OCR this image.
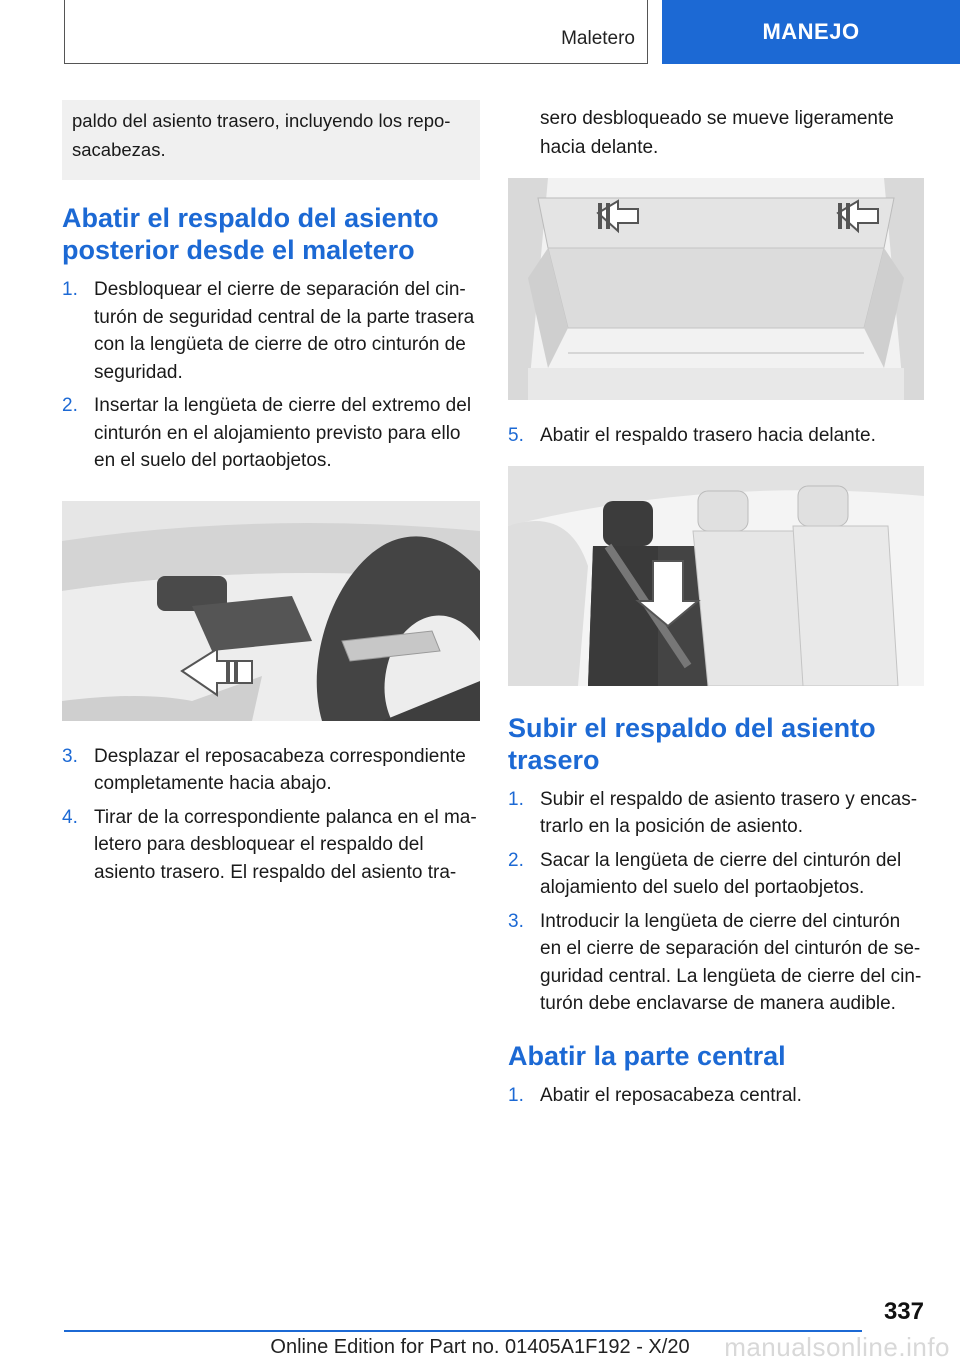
Maletero	MANEJO
paldo del asiento trasero, incluyendo los repo-sacabezas.
Abatir el respaldo del asiento posterior desde el maletero
1. Desbloquear el cierre de separación del cin-turón de seguridad central de la parte trasera con la lengüeta de cierre de otro cinturón de seguridad.
2. Insertar la lengüeta de cierre del extremo del cinturón en el alojamiento previsto para ello en el suelo del portaobjetos.
3. Desplazar el reposacabeza correspondiente completamente hacia abajo.
4. Tirar de la correspondiente palanca en el ma-letero para desbloquear el respaldo del asiento trasero. El respaldo del asiento tra-
sero desbloqueado se mueve ligeramente hacia delante.
5. Abatir el respaldo trasero hacia delante.
Subir el respaldo del asiento trasero
1. Subir el respaldo de asiento trasero y encas-trarlo en la posición de asiento.
2. Sacar la lengüeta de cierre del cinturón del alojamiento del suelo del portaobjetos.
3. Introducir la lengüeta de cierre del cinturón en el cierre de separación del cinturón de se-guridad central. La lengüeta de cierre del cin-turón debe enclavarse de manera audible.
Abatir la parte central
1. Abatir el reposacabeza central.
337
Online Edition for Part no. 01405A1F192 - X/20	manualsonline.info
